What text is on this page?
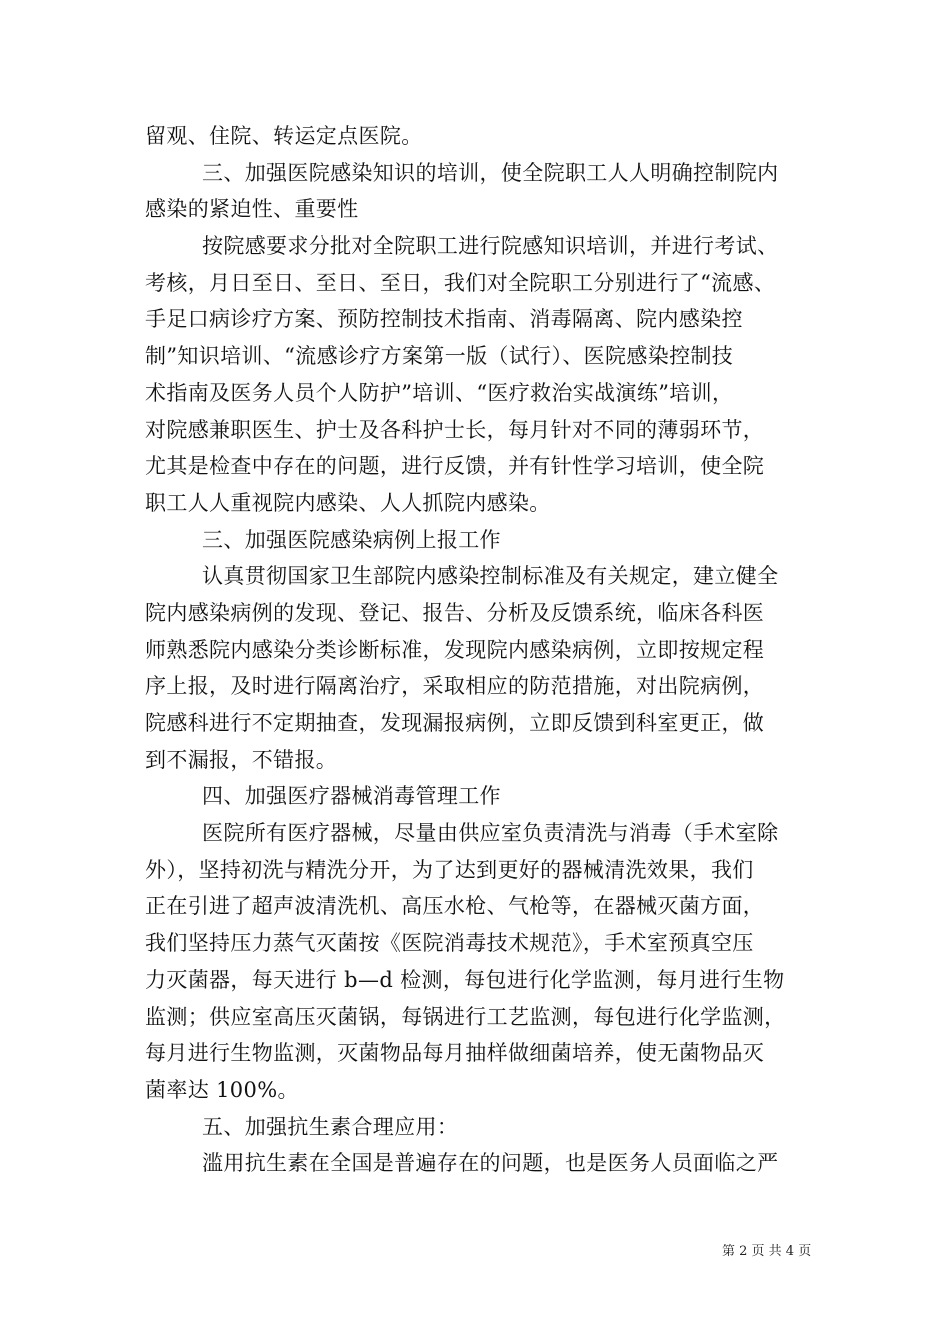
留观、住院、转运定点医院。
三、加强医院感染知识的培训，使全院职工人人明确控制院内
感染的紧迫性、重要性
按院感要求分批对全院职工进行院感知识培训，并进行考试、
考核，月日至日、至日、至日，我们对全院职工分别进行了“流感、
手足口病诊疗方案、预防控制技术指南、消毒隔离、院内感染控
制”知识培训、“流感诊疗方案第一版（试行）、医院感染控制技
术指南及医务人员个人防护”培训、“医疗救治实战演练”培训，
对院感兼职医生、护士及各科护士长，每月针对不同的薄弱环节，
尤其是检查中存在的问题，进行反馈，并有针性学习培训，使全院
职工人人重视院内感染、人人抓院内感染。
三、加强医院感染病例上报工作
认真贯彻国家卫生部院内感染控制标准及有关规定，建立健全
院内感染病例的发现、登记、报告、分析及反馈系统，临床各科医
师熟悉院内感染分类诊断标准，发现院内感染病例，立即按规定程
序上报，及时进行隔离治疗，采取相应的防范措施，对出院病例，
院感科进行不定期抽查，发现漏报病例，立即反馈到科室更正，做
到不漏报，不错报。
四、加强医疗器械消毒管理工作
医院所有医疗器械，尽量由供应室负责清洗与消毒（手术室除
外），坚持初洗与精洗分开，为了达到更好的器械清洗效果，我们
正在引进了超声波清洗机、高压水枪、气枪等，在器械灭菌方面，
我们坚持压力蒸气灭菌按《医院消毒技术规范》，手术室预真空压
力灭菌器，每天进行 b—d 检测，每包进行化学监测，每月进行生物
监测；供应室高压灭菌锅，每锅进行工艺监测，每包进行化学监测，
每月进行生物监测，灭菌物品每月抽样做细菌培养，使无菌物品灭
菌率达 100%。
五、加强抗生素合理应用：
滥用抗生素在全国是普遍存在的问题，也是医务人员面临之严
第 2 页 共 4 页
